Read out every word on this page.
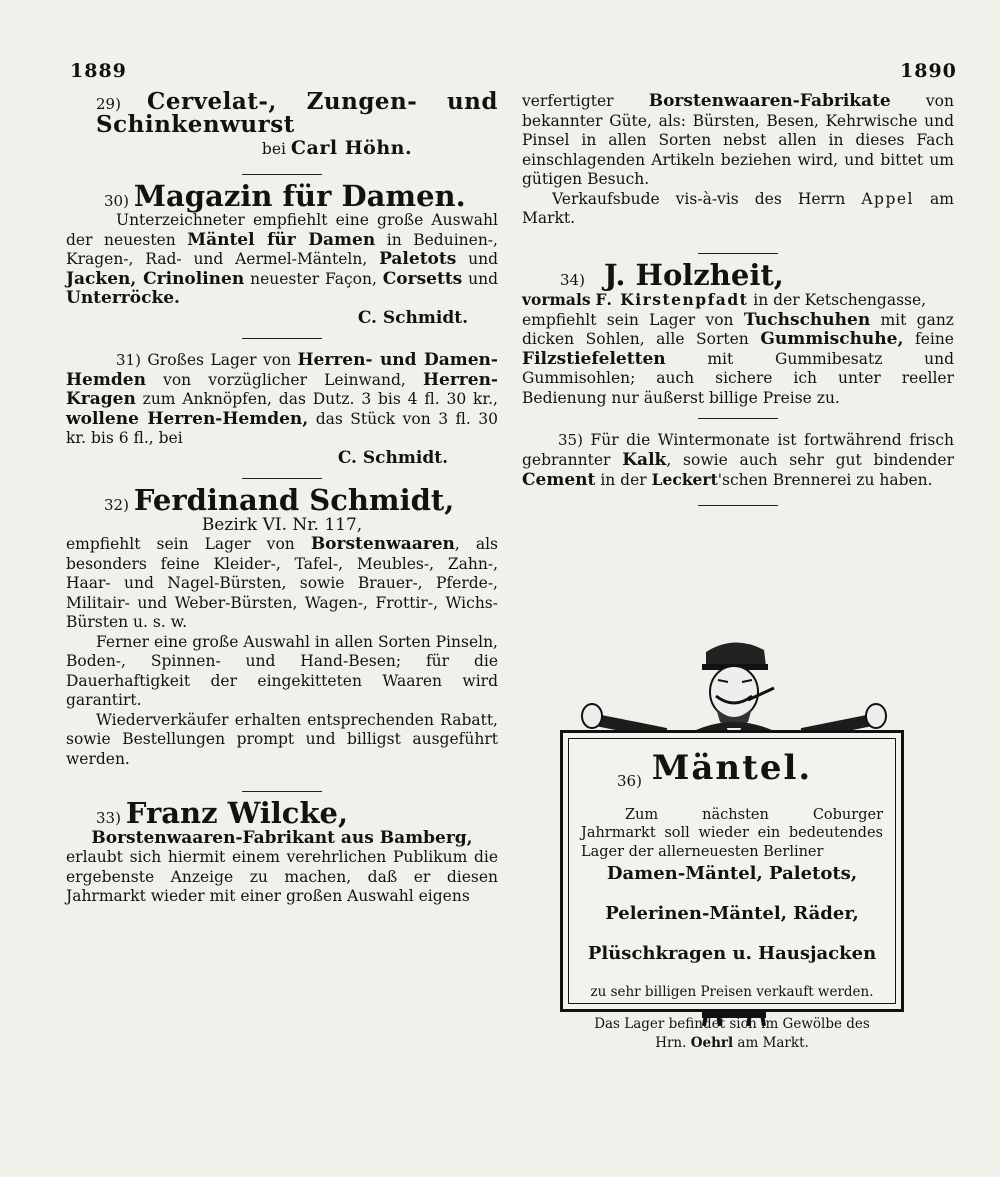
1889	1890

29) Cervelat-, Zungen- und Schinkenwurst

bei Carl Höhn.

30) Magazin für Damen.

Unterzeichneter empfiehlt eine große Auswahl der neuesten Mäntel für Damen in Beduinen-, Kragen-, Rad- und Aermel-Mänteln, Paletots und Jacken, Crinolinen neuester Façon, Corsetts und Unterröcke.

C. Schmidt.

31) Großes Lager von Herren- und Damen-Hemden von vorzüglicher Leinwand, Herren-Kragen zum Anknöpfen, das Dutz. 3 bis 4 fl. 30 kr., wollene Herren-Hemden, das Stück von 3 fl. 30 kr. bis 6 fl., bei

C. Schmidt.

32) Ferdinand Schmidt,

Bezirk VI. Nr. 117,

empfiehlt sein Lager von Borstenwaaren, als besonders feine Kleider-, Tafel-, Meubles-, Zahn-, Haar- und Nagel-Bürsten, sowie Brauer-, Pferde-, Militair- und Weber-Bürsten, Wagen-, Frottir-, Wichs-Bürsten u. s. w.

Ferner eine große Auswahl in allen Sorten Pinseln, Boden-, Spinnen- und Hand-Besen; für die Dauerhaftigkeit der eingekitteten Waaren wird garantirt.

Wiederverkäufer erhalten entsprechenden Rabatt, sowie Bestellungen prompt und billigst ausgeführt werden.

33) Franz Wilcke,

Borstenwaaren-Fabrikant aus Bamberg,

erlaubt sich hiermit einem verehrlichen Publikum die ergebenste Anzeige zu machen, daß er diesen Jahrmarkt wieder mit einer großen Auswahl eigens

verfertigter Borstenwaaren-Fabrikate von bekannter Güte, als: Bürsten, Besen, Kehrwische und Pinsel in allen Sorten nebst allen in dieses Fach einschlagenden Artikeln beziehen wird, und bittet um gütigen Besuch.

Verkaufsbude vis-à-vis des Herrn Appel am Markt.

34) J. Holzheit,

vormals F. Kirstenpfadt in der Ketschengasse,

empfiehlt sein Lager von Tuchschuhen mit ganz dicken Sohlen, alle Sorten Gummischuhe, feine Filzstiefeletten	mit Gummibesatz und Gummisohlen; auch sichere ich unter reeller Bedienung nur äußerst billige Preise zu.

35) Für die Wintermonate ist fortwährend frisch gebrannter Kalk, sowie auch sehr gut bindender Cement in der Leckert'schen Brennerei zu haben.

Mäntel.

36)

Zum nächsten Coburger Jahrmarkt soll wieder ein bedeutendes Lager der allerneuesten Berliner

Damen-Mäntel, Paletots,

Pelerinen-Mäntel, Räder,

Plüschkragen u. Hausjacken

zu sehr billigen Preisen verkauft werden.

Das Lager befindet sich im Gewölbe des Hrn. Oehrl am Markt.
